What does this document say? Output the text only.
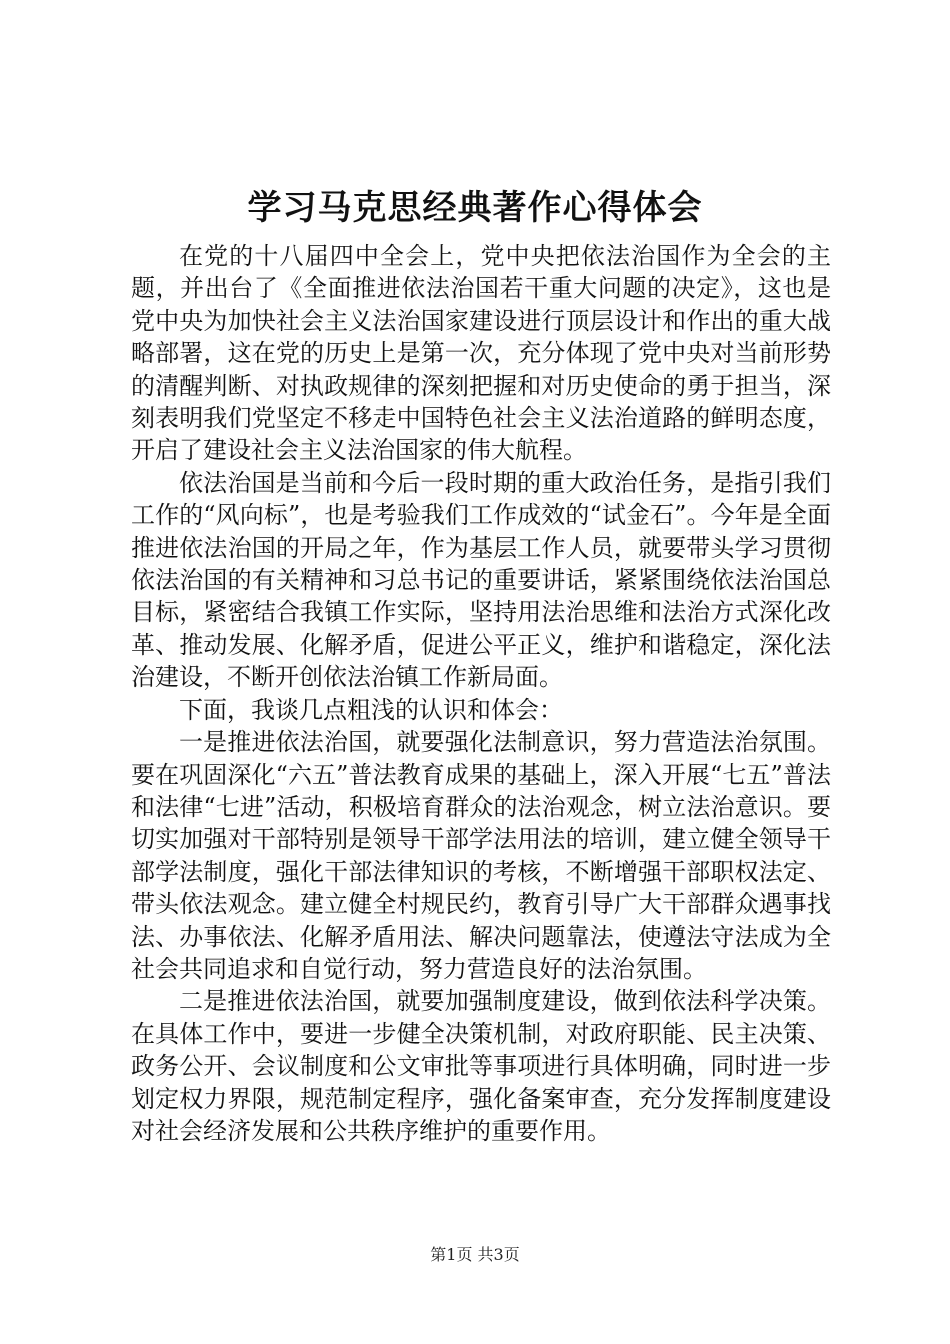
学习马克思经典著作心得体会

在党的十八届四中全会上，党中央把依法治国作为全会的主题，并出台了《全面推进依法治国若干重大问题的决定》，这也是党中央为加快社会主义法治国家建设进行顶层设计和作出的重大战略部署，这在党的历史上是第一次，充分体现了党中央对当前形势的清醒判断、对执政规律的深刻把握和对历史使命的勇于担当，深刻表明我们党坚定不移走中国特色社会主义法治道路的鲜明态度，开启了建设社会主义法治国家的伟大航程。

依法治国是当前和今后一段时期的重大政治任务，是指引我们工作的“风向标”，也是考验我们工作成效的“试金石”。今年是全面推进依法治国的开局之年，作为基层工作人员，就要带头学习贯彻依法治国的有关精神和习总书记的重要讲话，紧紧围绕依法治国总目标，紧密结合我镇工作实际，坚持用法治思维和法治方式深化改革、推动发展、化解矛盾，促进公平正义，维护和谐稳定，深化法治建设，不断开创依法治镇工作新局面。

下面，我谈几点粗浅的认识和体会：

一是推进依法治国，就要强化法制意识，努力营造法治氛围。要在巩固深化“六五”普法教育成果的基础上，深入开展“七五”普法和法律“七进”活动，积极培育群众的法治观念，树立法治意识。要切实加强对干部特别是领导干部学法用法的培训，建立健全领导干部学法制度，强化干部法律知识的考核，不断增强干部职权法定、带头依法观念。建立健全村规民约，教育引导广大干部群众遇事找法、办事依法、化解矛盾用法、解决问题靠法，使遵法守法成为全社会共同追求和自觉行动，努力营造良好的法治氛围。

二是推进依法治国，就要加强制度建设，做到依法科学决策。在具体工作中，要进一步健全决策机制，对政府职能、民主决策、政务公开、会议制度和公文审批等事项进行具体明确，同时进一步划定权力界限，规范制定程序，强化备案审查，充分发挥制度建设对社会经济发展和公共秩序维护的重要作用。

第1页 共3页
